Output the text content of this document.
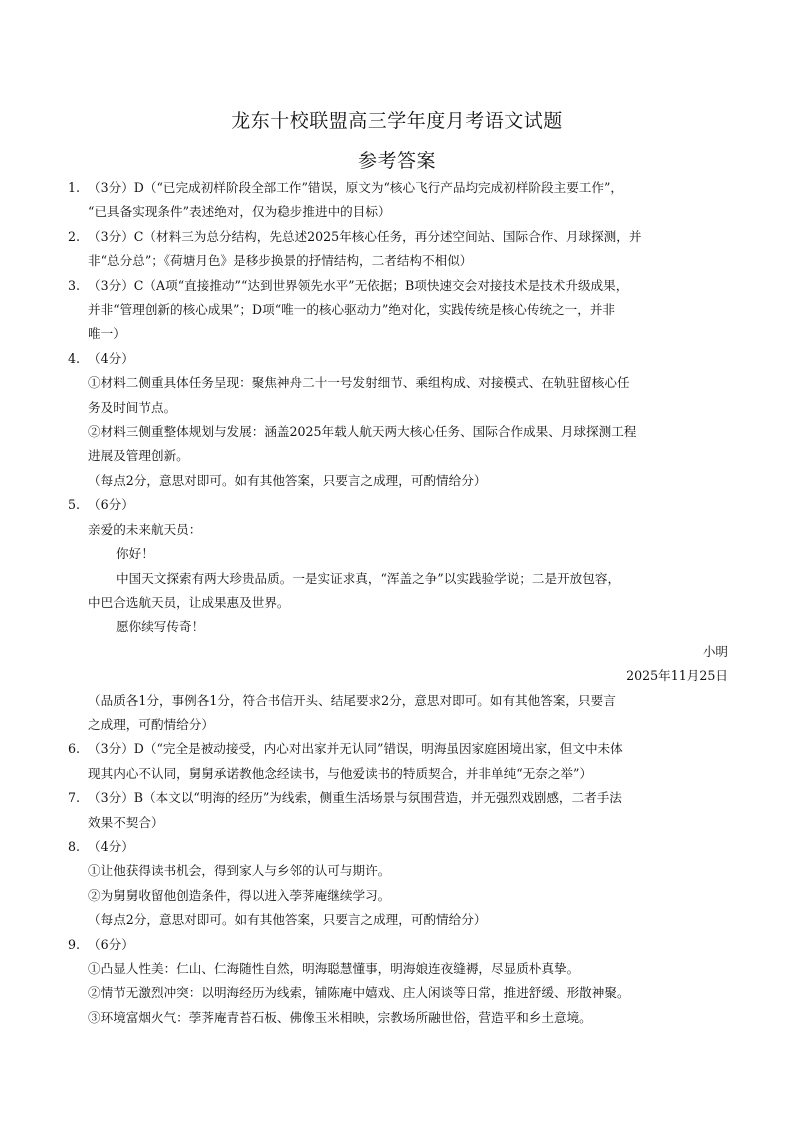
龙东十校联盟高三学年度月考语文试题
参考答案

1. （3分）D（“已完成初样阶段全部工作”错误，原文为“核心飞行产品均完成初样阶段主要工作”，

“已具备实现条件”表述绝对，仅为稳步推进中的目标）

2. （3分）C（材料三为总分结构，先总述2025年核心任务，再分述空间站、国际合作、月球探测，并

非“总分总”；《荷塘月色》是移步换景的抒情结构，二者结构不相似）

3. （3分）C（A项“直接推动”“达到世界领先水平”无依据；B项快速交会对接技术是技术升级成果，

并非“管理创新的核心成果”；D项“唯一的核心驱动力”绝对化，实践传统是核心传统之一，并非

唯一）

4. （4分）

①材料二侧重具体任务呈现：聚焦神舟二十一号发射细节、乘组构成、对接模式、在轨驻留核心任

务及时间节点。

②材料三侧重整体规划与发展：涵盖2025年载人航天两大核心任务、国际合作成果、月球探测工程

进展及管理创新。

（每点2分，意思对即可。如有其他答案，只要言之成理，可酌情给分）

5. （6分）

亲爱的未来航天员：

你好！

中国天文探索有两大珍贵品质。一是实证求真，“浑盖之争”以实践验学说；二是开放包容，

中巴合选航天员，让成果惠及世界。

愿你续写传奇！

小明

2025年11月25日

（品质各1分，事例各1分，符合书信开头、结尾要求2分，意思对即可。如有其他答案，只要言

之成理，可酌情给分）

6. （3分）D（“完全是被动接受，内心对出家并无认同”错误，明海虽因家庭困境出家，但文中未体

现其内心不认同，舅舅承诺教他念经读书，与他爱读书的特质契合，并非单纯“无奈之举”）

7. （3分）B（本文以“明海的经历”为线索，侧重生活场景与氛围营造，并无强烈戏剧感，二者手法

效果不契合）

8. （4分）

①让他获得读书机会，得到家人与乡邻的认可与期许。

②为舅舅收留他创造条件，得以进入荸荠庵继续学习。

（每点2分，意思对即可。如有其他答案，只要言之成理，可酌情给分）

9. （6分）

①凸显人性美：仁山、仁海随性自然，明海聪慧懂事，明海娘连夜缝褥，尽显质朴真挚。

②情节无激烈冲突：以明海经历为线索，铺陈庵中嬉戏、庄人闲谈等日常，推进舒缓、形散神聚。

③环境富烟火气：荸荠庵青苔石板、佛像玉米相映，宗教场所融世俗，营造平和乡土意境。
